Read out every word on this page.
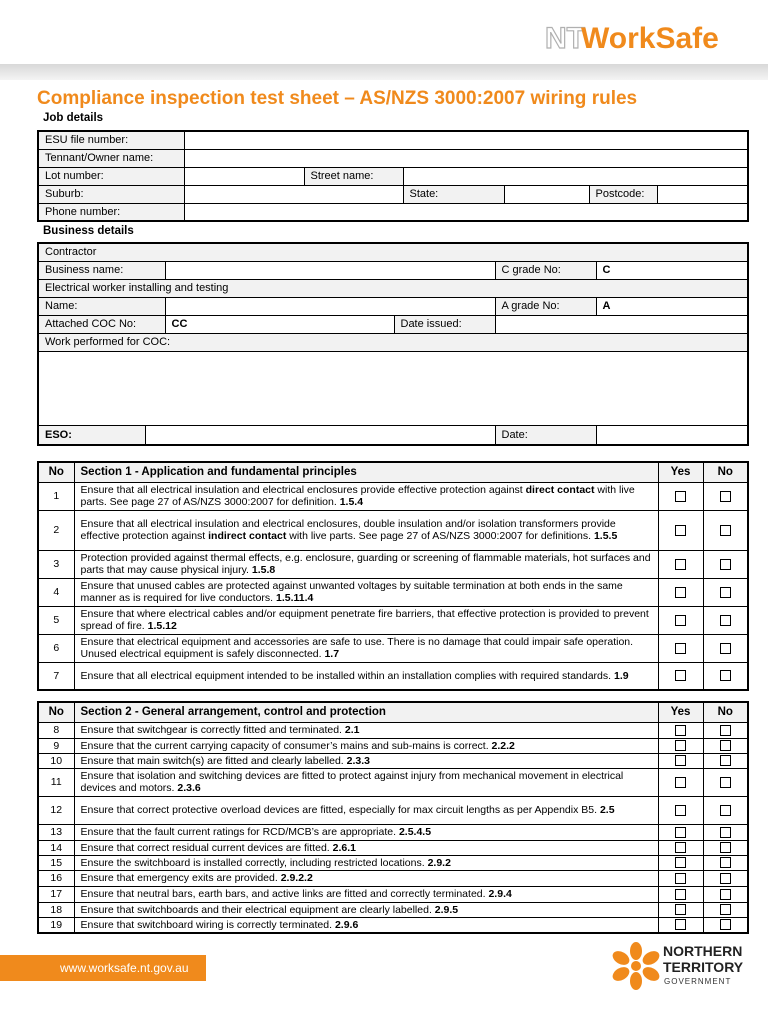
NT
WorkSafe
Compliance inspection test sheet – AS/NZS 3000:2007 wiring rules
Job details
ESU file number:						
Tennant/Owner name:						
Lot number:		Street name:				
Suburb:			State:		Postcode:	
Phone number:						
Business details
Contractor					
Business name:				C grade No:	C
Electrical worker installing and testing					
Name:				A grade No:	A
Attached COC No:		CC	Date issued:		
Work performed for COC:					

ESO:				Date:	
No	Section 1 - Application and fundamental principles	Yes	No
1	Ensure that all electrical insulation and electrical enclosures provide effective protection against direct contact with live parts. See page 27 of AS/NZS 3000:2007 for definition. 1.5.4		
2	Ensure that all electrical insulation and electrical enclosures, double insulation and/or isolation transformers provide effective protection against indirect contact with live parts. See page 27 of AS/NZS 3000:2007 for definitions. 1.5.5		
3	Protection provided against thermal effects, e.g. enclosure, guarding or screening of flammable materials, hot surfaces and parts that may cause physical injury. 1.5.8		
4	Ensure that unused cables are protected against unwanted voltages by suitable termination at both ends in the same manner as is required for live conductors. 1.5.11.4		
5	Ensure that where electrical cables and/or equipment penetrate fire barriers, that effective protection is provided to prevent spread of fire. 1.5.12		
6	Ensure that electrical equipment and accessories are safe to use. There is no damage that could impair safe operation. Unused electrical equipment is safely disconnected. 1.7		
7	Ensure that all electrical equipment intended to be installed within an installation complies with required standards. 1.9		
No	Section 2 - General arrangement, control and protection	Yes	No
8	Ensure that switchgear is correctly fitted and terminated. 2.1		
9	Ensure that the current carrying capacity of consumer’s mains and sub-mains is correct. 2.2.2		
10	Ensure that main switch(s) are fitted and clearly labelled. 2.3.3		
11	Ensure that isolation and switching devices are fitted to protect against injury from mechanical movement in electrical devices and motors. 2.3.6		
12	Ensure that correct protective overload devices are fitted, especially for max circuit lengths as per Appendix B5. 2.5		
13	Ensure that the fault current ratings for RCD/MCB’s are appropriate. 2.5.4.5		
14	Ensure that correct residual current devices are fitted. 2.6.1		
15	Ensure the switchboard is installed correctly, including restricted locations. 2.9.2		
16	Ensure that emergency exits are provided. 2.9.2.2		
17	Ensure that neutral bars, earth bars, and active links are fitted and correctly terminated. 2.9.4		
18	Ensure that switchboards and their electrical equipment are clearly labelled. 2.9.5		
19	Ensure that switchboard wiring is correctly terminated. 2.9.6		
www.worksafe.nt.gov.au
NORTHERN
TERRITORY
GOVERNMENT
